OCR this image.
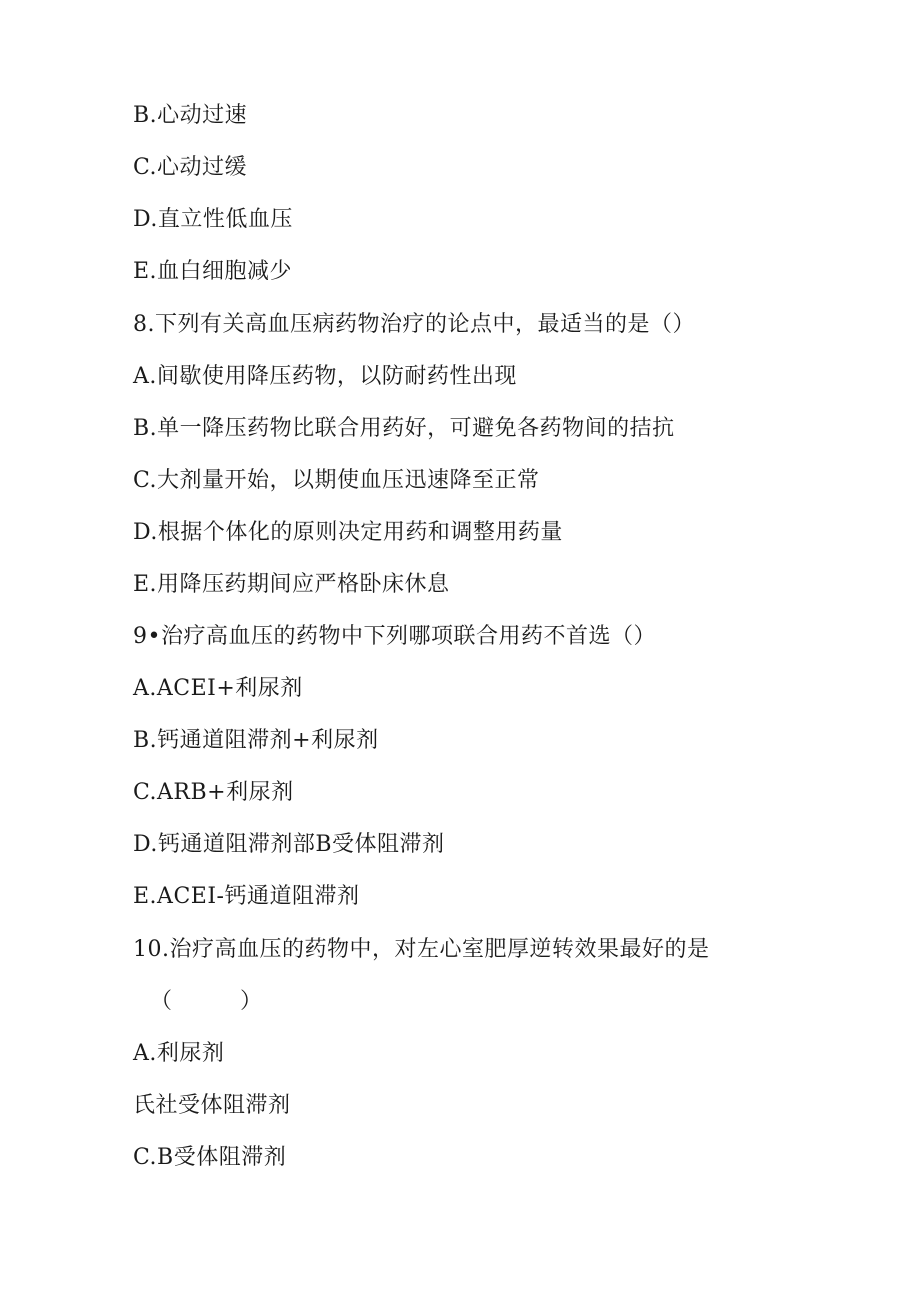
B.心动过速
C.心动过缓
D.直立性低血压
E.血白细胞减少
8.下列有关高血压病药物治疗的论点中，最适当的是（）
A.间歇使用降压药物，以防耐药性出现
B.单一降压药物比联合用药好，可避免各药物间的拮抗
C.大剂量开始，以期使血压迅速降至正常
D.根据个体化的原则决定用药和调整用药量
E.用降压药期间应严格卧床休息
9•治疗高血压的药物中下列哪项联合用药不首选（）
A.ACEI+利尿剂
B.钙通道阻滞剂+利尿剂
C.ARB+利尿剂
D.钙通道阻滞剂部B受体阻滞剂
E.ACEI-钙通道阻滞剂
10.治疗高血压的药物中，对左心室肥厚逆转效果最好的是
（　　　）
A.利尿剂
氏社受体阻滞剂
C.B受体阻滞剂
